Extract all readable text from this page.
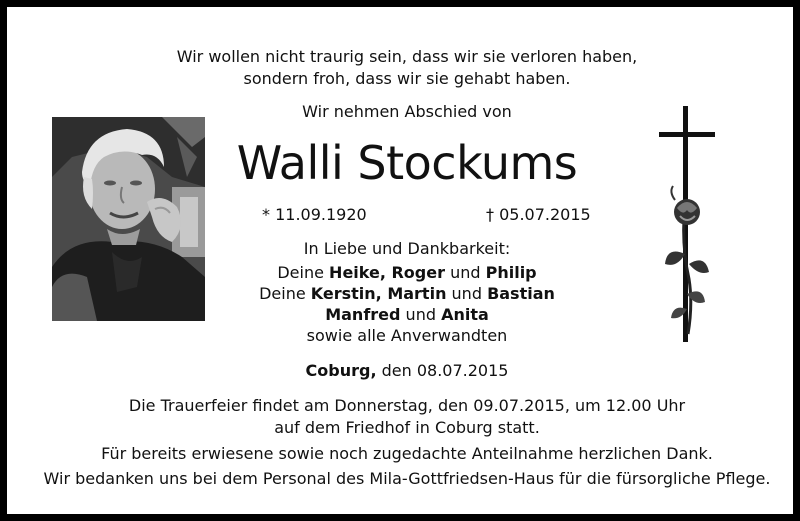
Wir wollen nicht traurig sein, dass wir sie verloren haben,
sondern froh, dass wir sie gehabt haben.
Wir nehmen Abschied von
Walli Stockums
* 11.09.1920	† 05.07.2015
In Liebe und Dankbarkeit:
Deine Heike, Roger und Philip
Deine Kerstin, Martin und Bastian
Manfred und Anita
sowie alle Anverwandten
Coburg, den 08.07.2015
Die Trauerfeier findet am Donnerstag, den 09.07.2015, um 12.00 Uhr
auf dem Friedhof in Coburg statt.
Für bereits erwiesene sowie noch zugedachte Anteilnahme herzlichen Dank.
Wir bedanken uns bei dem Personal des Mila-Gottfriedsen-Haus für die fürsorgliche Pflege.
